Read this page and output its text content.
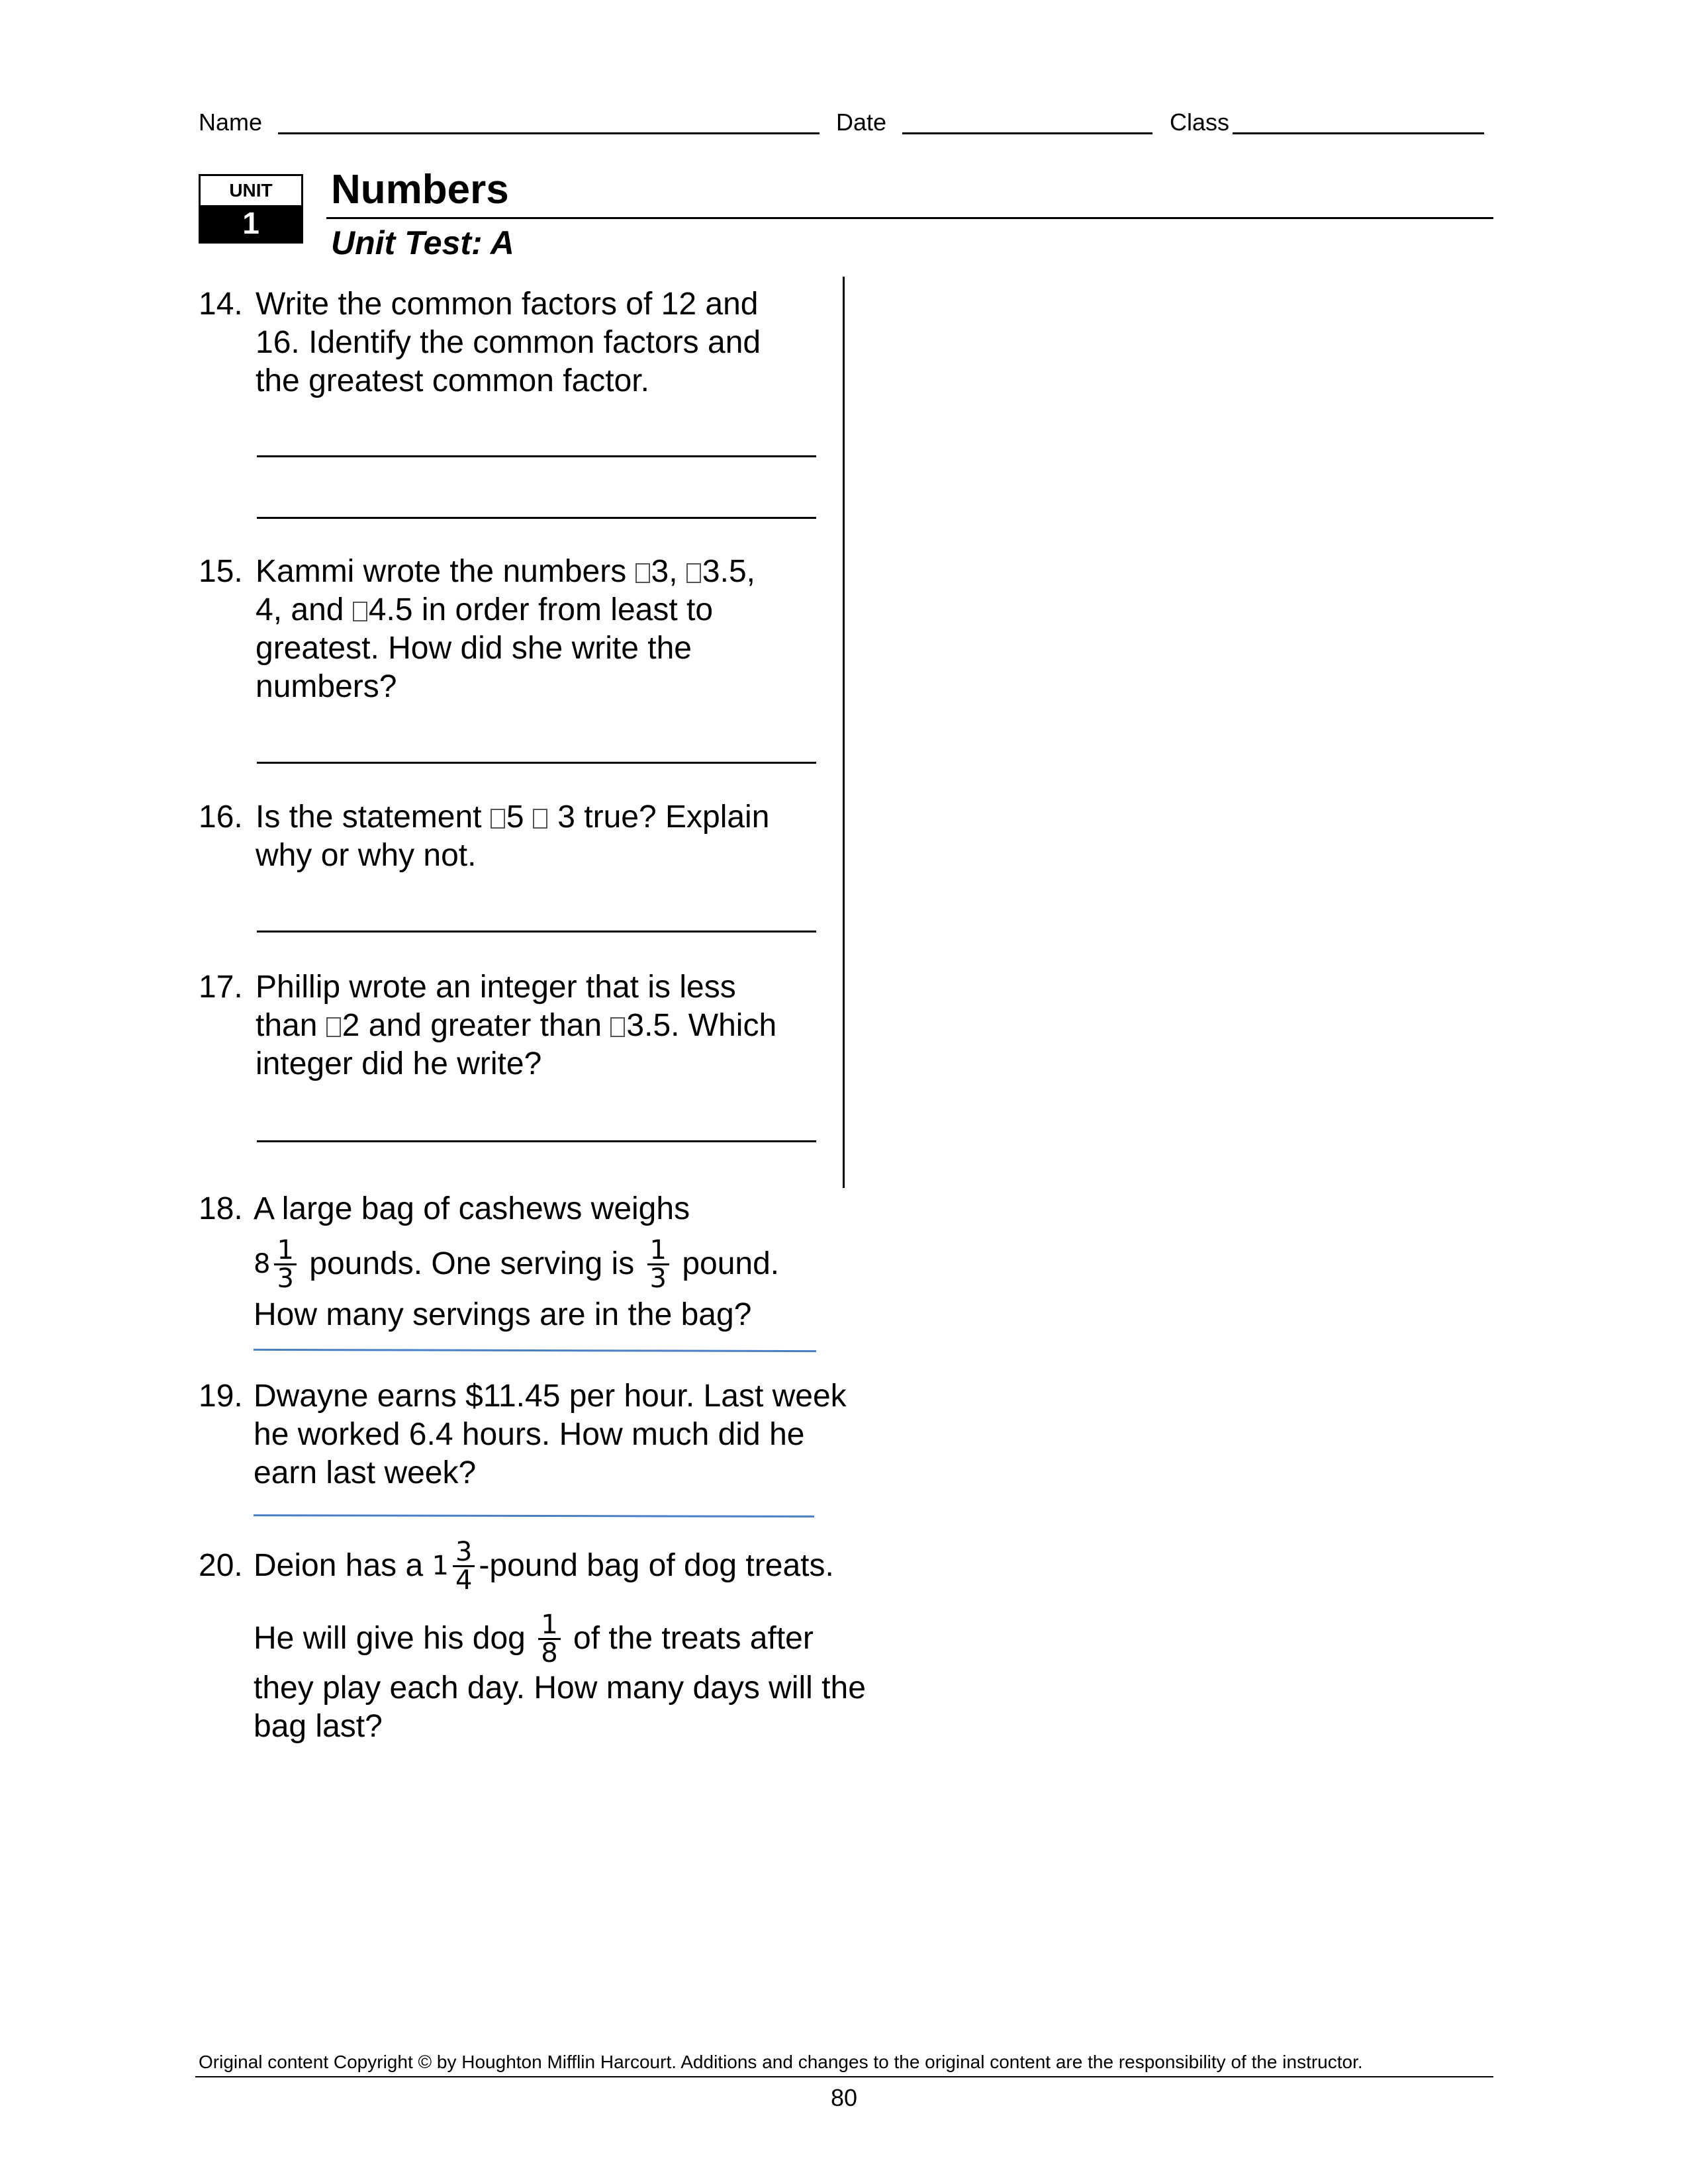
Name	Date	Class
UNIT
1
Numbers
Unit Test: A
14. Write the common factors of 12 and
16. Identify the common factors and
the greatest common factor.
15. Kammi wrote the numbers 3, 3.5,
4, and 4.5 in order from least to
greatest. How did she write the
numbers?
16. Is the statement 5  3 true? Explain
why or why not.
17. Phillip wrote an integer that is less
than 2 and greater than 3.5. Which
integer did he write?
18. A large bag of cashews weighs
$8 \frac{1}{3}$ pounds. One serving is $\frac{1}{3}$ pound.
How many servings are in the bag?
19. Dwayne earns $11.45 per hour. Last week
he worked 6.4 hours. How much did he
earn last week?
20. Deion has a $1 \frac{3}{4}$ -pound bag of dog treats.
He will give his dog $\frac{1}{8}$ of the treats after
they play each day. How many days will the
bag last?
Original content Copyright © by Houghton Mifflin Harcourt. Additions and changes to the original content are the responsibility of the instructor.
80
